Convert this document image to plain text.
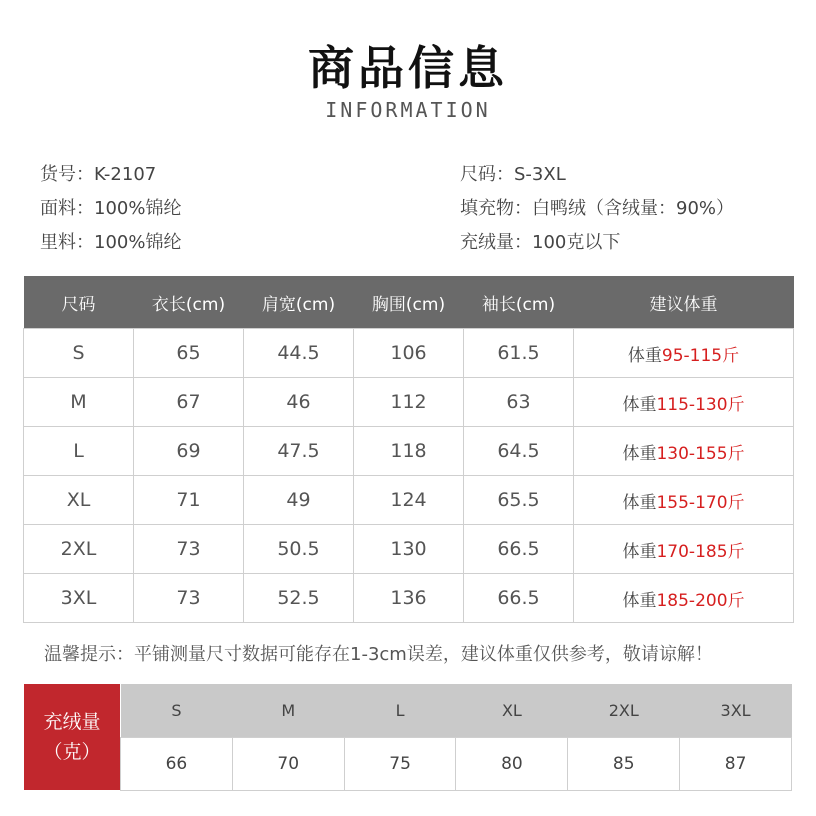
商品信息
INFORMATION
货号： K-2107
面料： 100%锦纶
里料： 100%锦纶
尺码： S-3XL
填充物： 白鸭绒（含绒量：90%）
充绒量： 100克以下
尺码	衣长(cm)	肩宽(cm)	胸围(cm)	袖长(cm)	建议体重
S	65	44.5	106	61.5	体重95-115斤
M	67	46	112	63	体重115-130斤
L	69	47.5	118	64.5	体重130-155斤
XL	71	49	124	65.5	体重155-170斤
2XL	73	50.5	130	66.5	体重170-185斤
3XL	73	52.5	136	66.5	体重185-200斤
温馨提示：平铺测量尺寸数据可能存在1-3cm误差，建议体重仅供参考，敬请谅解！
充绒量
（克）
S	M	L	XL	2XL	3XL
66	70	75	80	85	87
